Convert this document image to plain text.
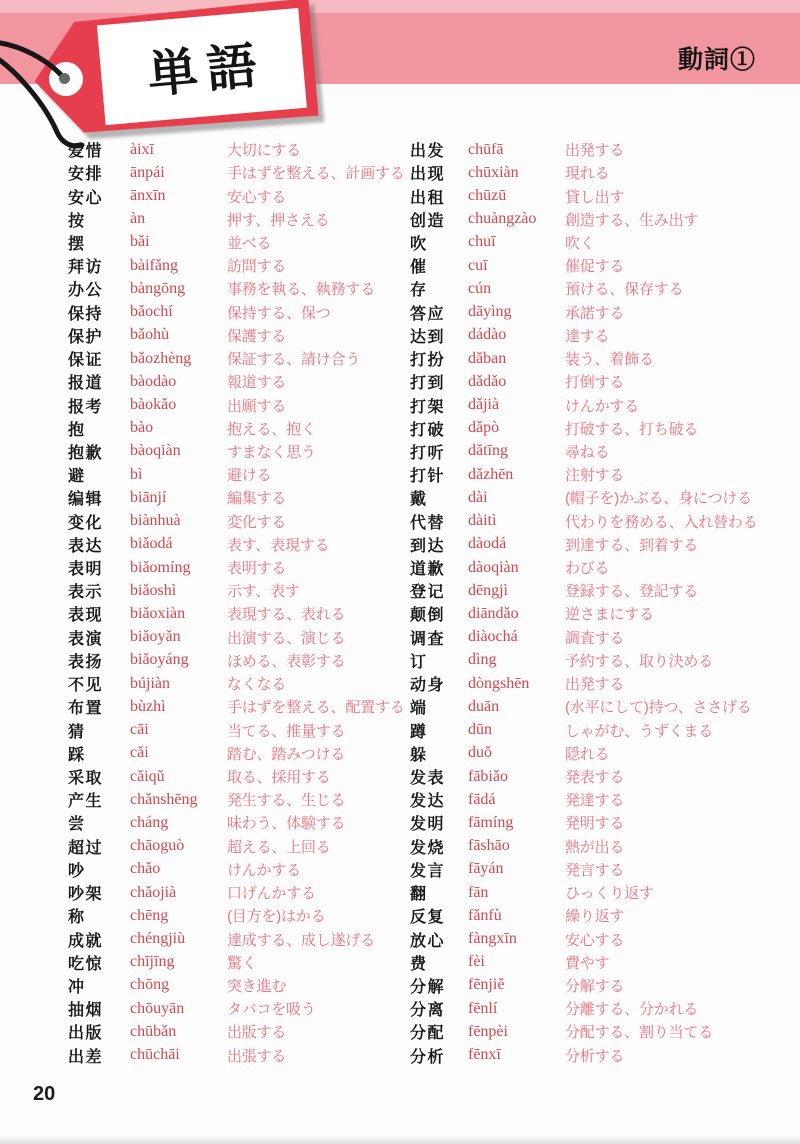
動詞①
単語
爱惜	àixī	大切にする
安排	ānpái	手はずを整える、計画する
安心	ānxīn	安心する
按	àn	押す、押さえる
摆	bǎi	並べる
拜访	bàifǎng	訪問する
办公	bàngōng	事務を執る、執務する
保持	bǎochí	保持する、保つ
保护	bǎohù	保護する
保证	bǎozhèng	保証する、請け合う
报道	bàodào	報道する
报考	bàokǎo	出願する
抱	bào	抱える、抱く
抱歉	bàoqiàn	すまなく思う
避	bì	避ける
编辑	biānjí	編集する
变化	biànhuà	変化する
表达	biǎodá	表す、表現する
表明	biǎomíng	表明する
表示	biǎoshì	示す、表す
表现	biǎoxiàn	表現する、表れる
表演	biǎoyǎn	出演する、演じる
表扬	biǎoyáng	ほめる、表彰する
不见	bújiàn	なくなる
布置	bùzhì	手はずを整える、配置する
猜	cāi	当てる、推量する
踩	cǎi	踏む、踏みつける
采取	cǎiqǔ	取る、採用する
产生	chǎnshēng	発生する、生じる
尝	cháng	味わう、体験する
超过	chāoguò	超える、上回る
吵	chǎo	けんかする
吵架	chǎojià	口げんかする
称	chēng	(目方を)はかる
成就	chéngjiù	達成する、成し遂げる
吃惊	chījīng	驚く
冲	chōng	突き進む
抽烟	chōuyān	タバコを吸う
出版	chūbǎn	出版する
出差	chūchāi	出張する
出发	chūfā	出発する
出现	chūxiàn	現れる
出租	chūzū	貸し出す
创造	chuàngzào	創造する、生み出す
吹	chuī	吹く
催	cuī	催促する
存	cún	預ける、保存する
答应	dāyìng	承諾する
达到	dádào	達する
打扮	dǎban	装う、着飾る
打到	dǎdǎo	打倒する
打架	dǎjià	けんかする
打破	dǎpò	打破する、打ち破る
打听	dǎtīng	尋ねる
打针	dǎzhēn	注射する
戴	dài	(帽子を)かぶる、身につける
代替	dàitì	代わりを務める、入れ替わる
到达	dàodá	到達する、到着する
道歉	dàoqiàn	わびる
登记	dēngjì	登録する、登記する
颠倒	diāndǎo	逆さまにする
调查	diàochá	調査する
订	dìng	予約する、取り決める
动身	dòngshēn	出発する
端	duān	(水平にして)持つ、ささげる
蹲	dūn	しゃがむ、うずくまる
躲	duǒ	隠れる
发表	fābiǎo	発表する
发达	fādá	発達する
发明	fāmíng	発明する
发烧	fāshāo	熱が出る
发言	fāyán	発言する
翻	fān	ひっくり返す
反复	fǎnfù	繰り返す
放心	fàngxīn	安心する
费	fèi	費やす
分解	fēnjiě	分解する
分离	fēnlí	分離する、分かれる
分配	fēnpèi	分配する、割り当てる
分析	fēnxī	分析する
20
